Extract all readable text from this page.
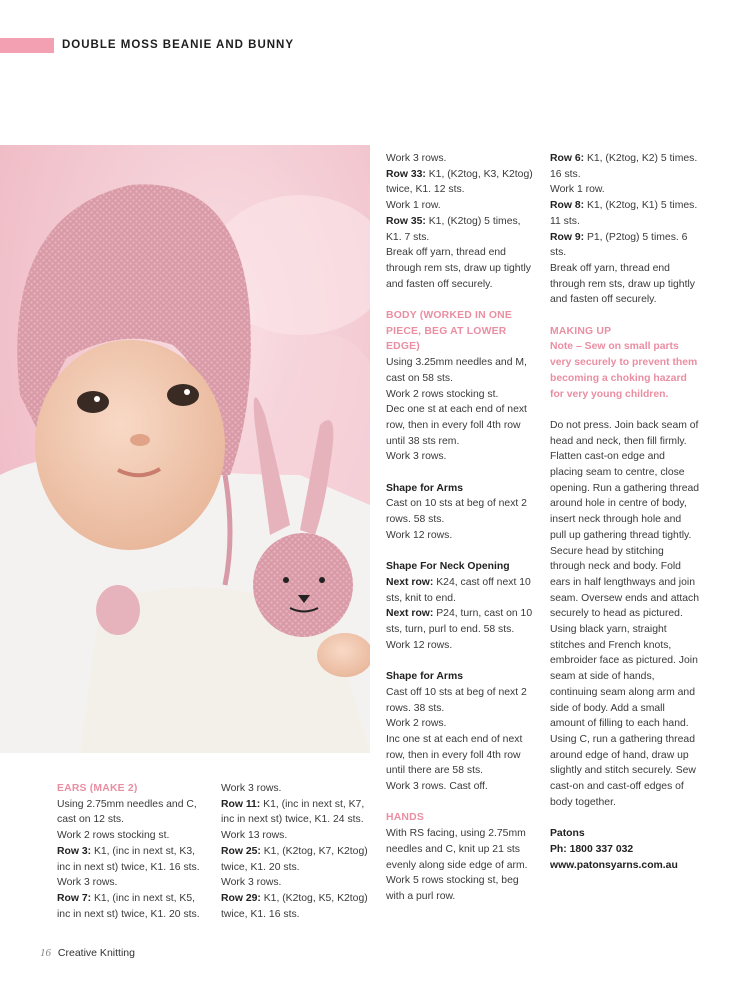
DOUBLE MOSS BEANIE AND BUNNY

EARS (MAKE 2)

Using 2.75mm needles and C, cast on 12 sts.

Work 2 rows stocking st.

Row 3: K1, (inc in next st, K3, inc in next st) twice, K1. 16 sts.

Work 3 rows.

Row 7: K1, (inc in next st, K5, inc in next st) twice, K1. 20 sts.

Work 3 rows.

Row 11: K1, (inc in next st, K7, inc in next st) twice, K1. 24 sts.

Work 13 rows.

Row 25: K1, (K2tog, K7, K2tog) twice, K1. 20 sts.

Work 3 rows.

Row 29: K1, (K2tog, K5, K2tog) twice, K1. 16 sts.

Work 3 rows.

Row 33: K1, (K2tog, K3, K2tog) twice, K1. 12 sts.

Work 1 row.

Row 35: K1, (K2tog) 5 times, K1. 7 sts.

Break off yarn, thread end through rem sts, draw up tightly and fasten off securely.

BODY (WORKED IN ONE PIECE, BEG AT LOWER EDGE)

Using 3.25mm needles and M, cast on 58 sts.

Work 2 rows stocking st.

Dec one st at each end of next row, then in every foll 4th row until 38 sts rem.

Work 3 rows.

Shape for Arms

Cast on 10 sts at beg of next 2 rows. 58 sts.

Work 12 rows.

Shape For Neck Opening

Next row: K24, cast off next 10 sts, knit to end.

Next row: P24, turn, cast on 10 sts, turn, purl to end. 58 sts.

Work 12 rows.

Shape for Arms

Cast off 10 sts at beg of next 2 rows. 38 sts.

Work 2 rows.

Inc one st at each end of next row, then in every foll 4th row until there are 58 sts.

Work 3 rows. Cast off.

HANDS

With RS facing, using 2.75mm needles and C, knit up 21 sts evenly along side edge of arm.

Work 5 rows stocking st, beg with a purl row.

Row 6: K1, (K2tog, K2) 5 times. 16 sts.

Work 1 row.

Row 8: K1, (K2tog, K1) 5 times. 11 sts.

Row 9: P1, (P2tog) 5 times. 6 sts.

Break off yarn, thread end through rem sts, draw up tightly and fasten off securely.

MAKING UP

Note – Sew on small parts very securely to prevent them becoming a choking hazard for very young children.

Do not press. Join back seam of head and neck, then fill firmly. Flatten cast-on edge and placing seam to centre, close opening. Run a gathering thread around hole in centre of body, insert neck through hole and pull up gathering thread tightly. Secure head by stitching through neck and body. Fold ears in half lengthways and join seam. Oversew ends and attach securely to head as pictured. Using black yarn, straight stitches and French knots, embroider face as pictured. Join seam at side of hands, continuing seam along arm and side of body. Add a small amount of filling to each hand. Using C, run a gathering thread around edge of hand, draw up slightly and stitch securely. Sew cast-on and cast-off edges of body together.

Patons

Ph: 1800 337 032

www.patonsyarns.com.au

16 Creative Knitting
